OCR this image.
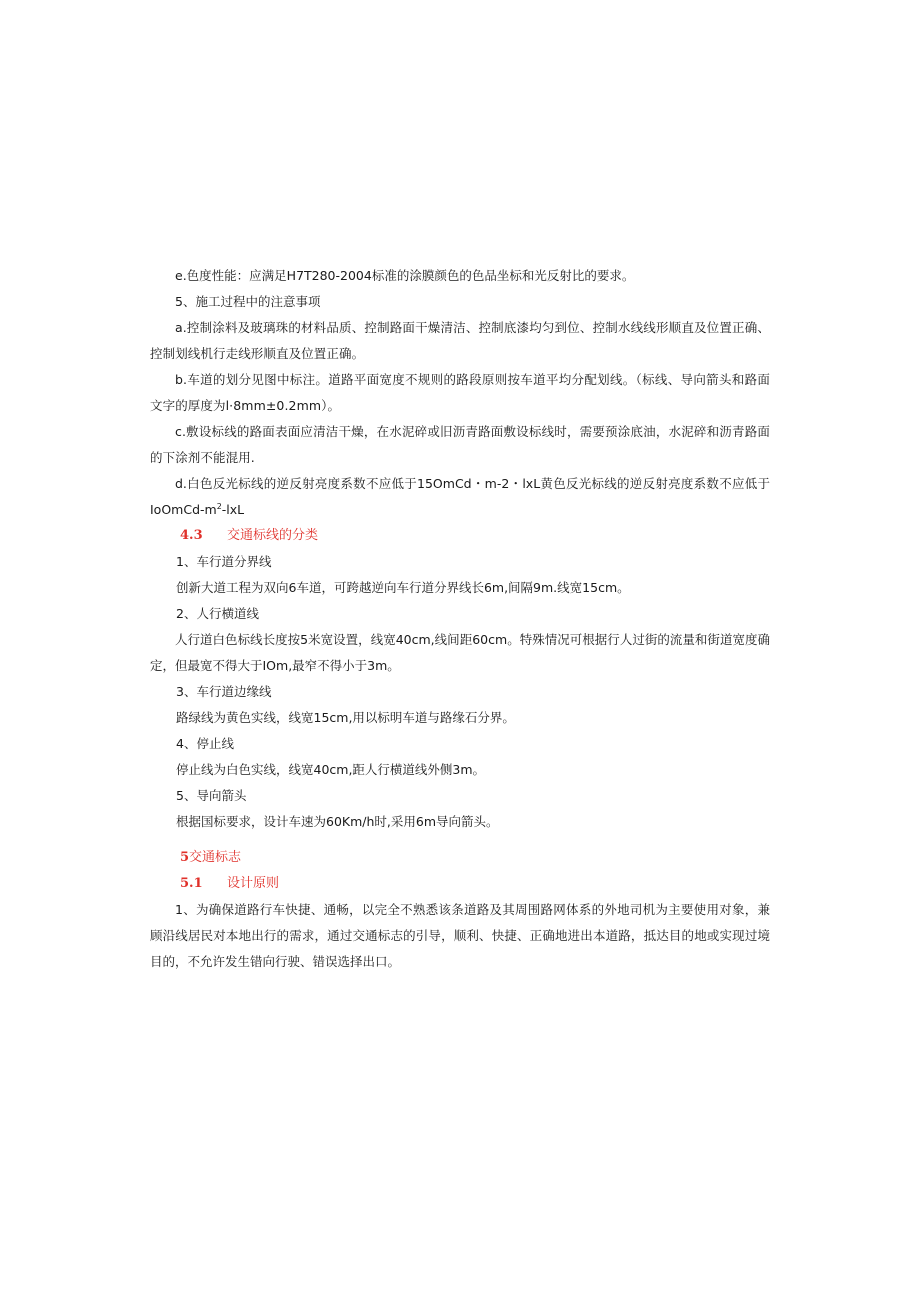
e.色度性能：应满足H7T280-2004标准的涂膜颜色的色品坐标和光反射比的要求。

5、施工过程中的注意事项

a.控制涂料及玻璃珠的材料品质、控制路面干燥清洁、控制底漆均匀到位、控制水线线形顺直及位置正确、控制划线机行走线形顺直及位置正确。

b.车道的划分见图中标注。道路平面宽度不规则的路段原则按车道平均分配划线。（标线、导向箭头和路面文字的厚度为l·8mm±0.2mm）。

c.敷设标线的路面表面应清洁干燥，在水泥碎或旧沥青路面敷设标线时，需要预涂底油，水泥碎和沥青路面的下涂剂不能混用.

d.白色反光标线的逆反射亮度系数不应低于15OmCd・m-2・lxL黄色反光标线的逆反射亮度系数不应低于 IoOmCd-$m^2$-lxL

4.3 交通标线的分类

1、车行道分界线

创新大道工程为双向6车道，可跨越逆向车行道分界线长6m,间隔9m.线宽15cm。

2、人行横道线

人行道白色标线长度按5米宽设置，线宽40cm,线间距60cm。特殊情况可根据行人过街的流量和街道宽度确定，但最宽不得大于IOm,最窄不得小于3m。

3、车行道边缘线

路绿线为黄色实线，线宽15cm,用以标明车道与路缘石分界。

4、停止线

停止线为白色实线，线宽40cm,距人行横道线外侧3m。

5、导向箭头

根据国标要求，设计车速为60Km∕h时,采用6m导向箭头。

5交通标志

5.1 设计原则

1、为确保道路行车快捷、通畅，以完全不熟悉该条道路及其周围路网体系的外地司机为主要使用对象，兼顾沿线居民对本地出行的需求，通过交通标志的引导，顺利、快捷、正确地进出本道路，抵达目的地或实现过境目的，不允许发生错向行驶、错误选择出口。
